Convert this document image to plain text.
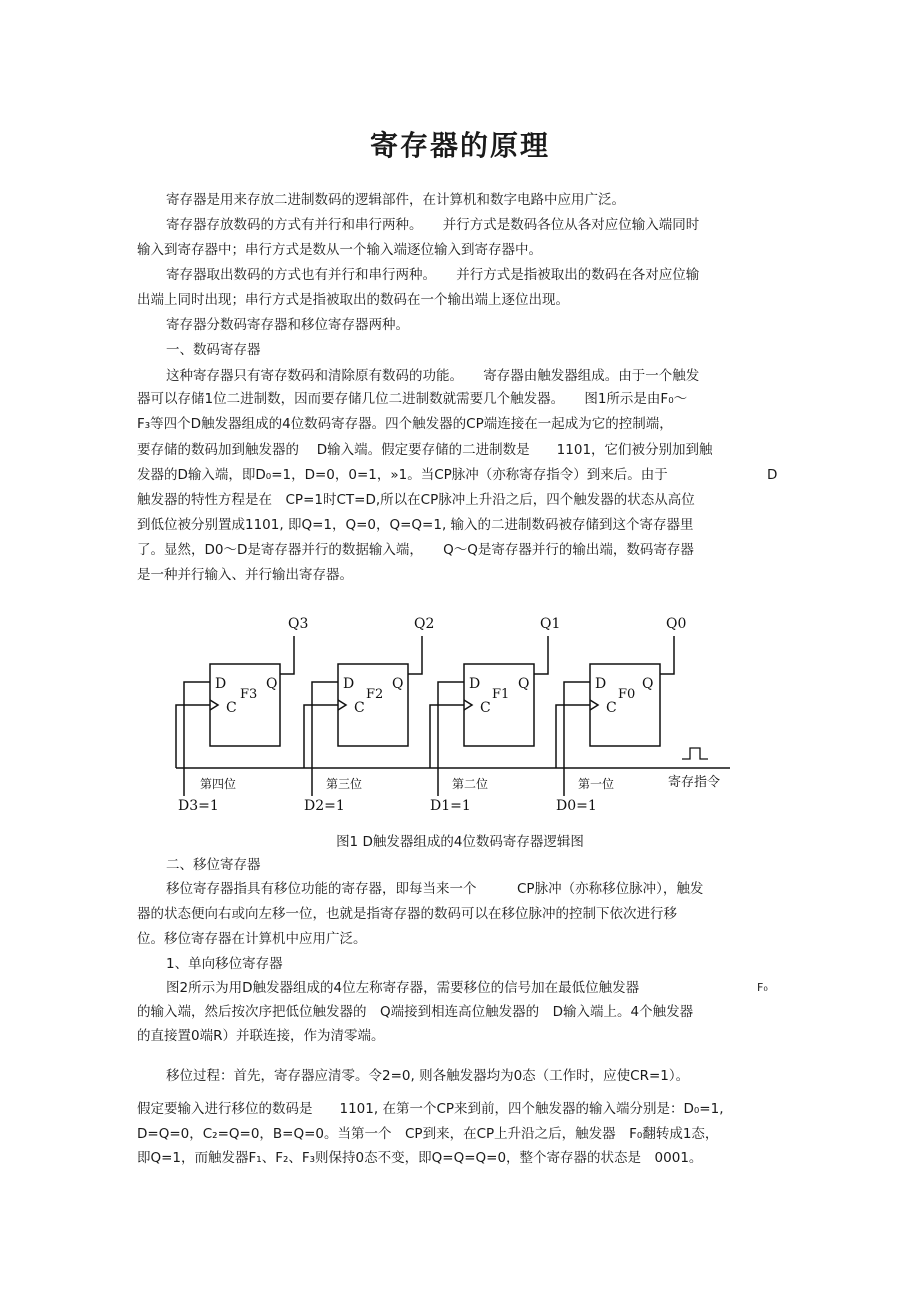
寄存器的原理

寄存器是用来存放二进制数码的逻辑部件，在计算机和数字电路中应用广泛。

寄存器存放数码的方式有并行和串行两种。　　并行方式是数码各位从各对应位输入端同时

输入到寄存器中；串行方式是数从一个输入端逐位输入到寄存器中。

寄存器取出数码的方式也有并行和串行两种。　　并行方式是指被取出的数码在各对应位输

出端上同时出现；串行方式是指被取出的数码在一个输出端上逐位出现。

寄存器分数码寄存器和移位寄存器两种。

一、数码寄存器

这种寄存器只有寄存数码和清除原有数码的功能。　　寄存器由触发器组成。由于一个触发

器可以存储1位二进制数，因而要存储几位二进制数就需要几个触发器。　　图1所示是由F₀～

F₃等四个D触发器组成的4位数码寄存器。四个触发器的CP端连接在一起成为它的控制端，

要存储的数码加到触发器的　 D输入端。假定要存储的二进制数是　　1101，它们被分别加到触

发器的D输入端，即D₀=1，D=0，0=1，»1。当CP脉冲（亦称寄存指令）到来后。由于	D

触发器的特性方程是在　CP=1时CT=D,所以在CP脉冲上升沿之后，四个触发器的状态从高位

到低位被分别置成1101, 即Q=1，Q=0，Q=Q=1, 输入的二进制数码被存储到这个寄存器里

了。显然，D0～D是寄存器并行的数据输入端，　　Q～Q是寄存器并行的输出端，数码寄存器

是一种并行输入、并行输出寄存器。

寄存指令
D
C
Q
F3
Q3
第四位
D3=1
D
C
Q
F2
Q2
第三位
D2=1
D
C
Q
F1
Q1
第二位
D1=1
D
C
Q
F0
Q0
第一位
D0=1

图1 D触发器组成的4位数码寄存器逻辑图

二、移位寄存器

移位寄存器指具有移位功能的寄存器，即每当来一个　　　CP脉冲（亦称移位脉冲），触发

器的状态便向右或向左移一位，也就是指寄存器的数码可以在移位脉冲的控制下依次进行移

位。移位寄存器在计算机中应用广泛。

1、单向移位寄存器

图2所示为用D触发器组成的4位左称寄存器，需要移位的信号加在最低位触发器	F₀

的输入端，然后按次序把低位触发器的　Q端接到相连高位触发器的　D输入端上。4个触发器

的直接置0端R）并联连接，作为清零端。

移位过程：首先，寄存器应清零。令2=0, 则各触发器均为0态（工作时，应使CR=1）。

假定要输入进行移位的数码是　　1101, 在第一个CP来到前，四个触发器的输入端分别是：D₀=1,

D=Q=0，C₂=Q=0，B=Q=0。当第一个　CP到来，在CP上升沿之后，触发器　F₀翻转成1态，

即Q=1，而触发器F₁、F₂、F₃则保持0态不变，即Q=Q=Q=0，整个寄存器的状态是　0001。
